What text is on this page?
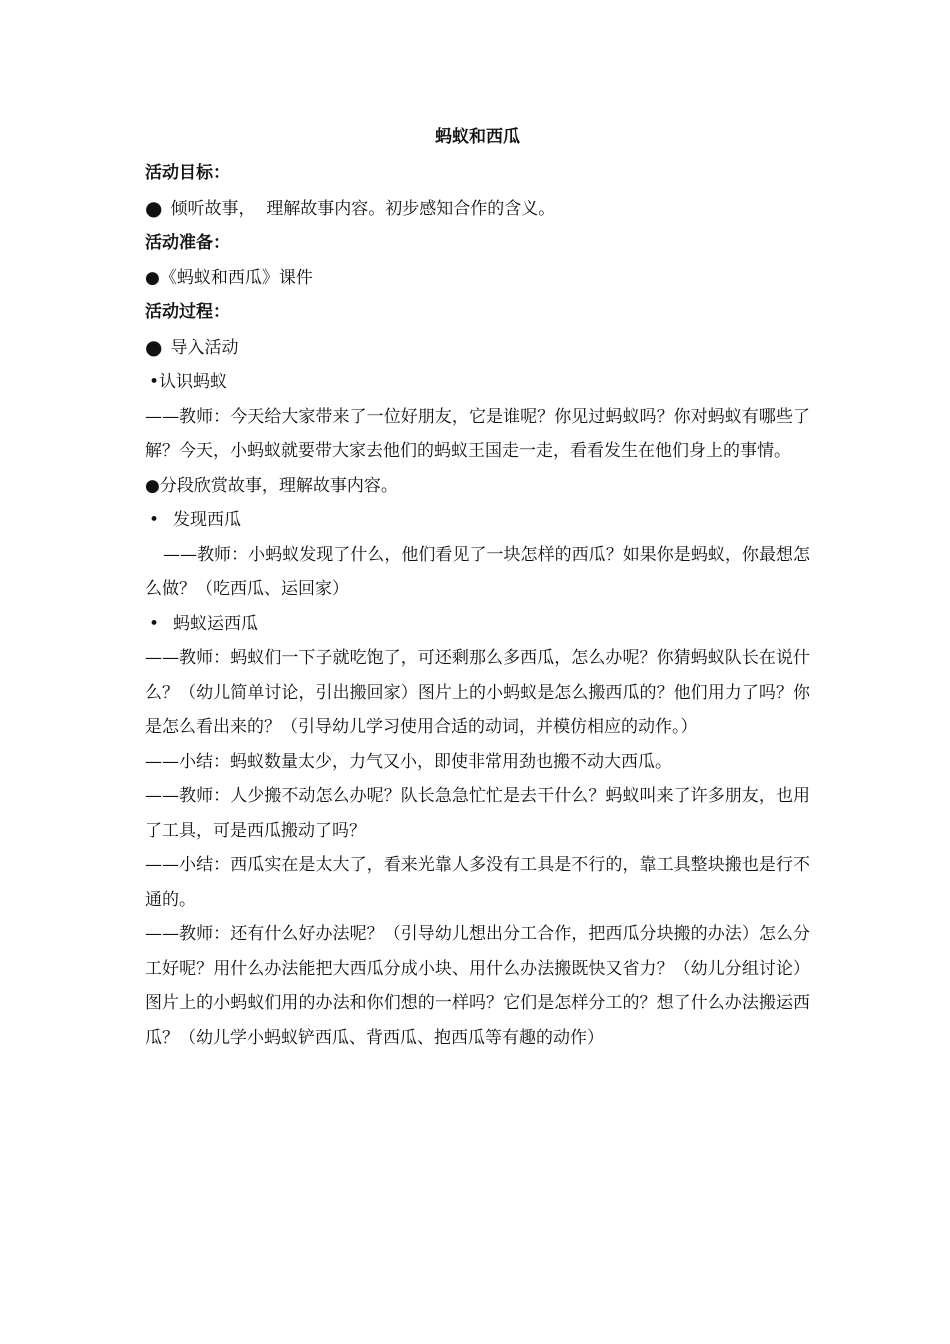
蚂蚁和西瓜

活动目标：

● 倾听故事，  理解故事内容。初步感知合作的含义。

活动准备：

●《蚂蚁和西瓜》课件

活动过程：

● 导入活动

•认识蚂蚁

——教师：今天给大家带来了一位好朋友，它是谁呢？你见过蚂蚁吗？你对蚂蚁有哪些了解？今天，小蚂蚁就要带大家去他们的蚂蚁王国走一走，看看发生在他们身上的事情。

●分段欣赏故事，理解故事内容。

• 发现西瓜

——教师：小蚂蚁发现了什么，他们看见了一块怎样的西瓜？如果你是蚂蚁，你最想怎么做？（吃西瓜、运回家）

• 蚂蚁运西瓜

——教师：蚂蚁们一下子就吃饱了，可还剩那么多西瓜，怎么办呢？你猜蚂蚁队长在说什么？（幼儿简单讨论，引出搬回家）图片上的小蚂蚁是怎么搬西瓜的？他们用力了吗？你是怎么看出来的？（引导幼儿学习使用合适的动词，并模仿相应的动作。）

——小结：蚂蚁数量太少，力气又小，即使非常用劲也搬不动大西瓜。

——教师：人少搬不动怎么办呢？队长急急忙忙是去干什么？蚂蚁叫来了许多朋友，也用了工具，可是西瓜搬动了吗？

——小结：西瓜实在是太大了，看来光靠人多没有工具是不行的，靠工具整块搬也是行不通的。

——教师：还有什么好办法呢？（引导幼儿想出分工合作，把西瓜分块搬的办法）怎么分工好呢？用什么办法能把大西瓜分成小块、用什么办法搬既快又省力？（幼儿分组讨论）图片上的小蚂蚁们用的办法和你们想的一样吗？它们是怎样分工的？想了什么办法搬运西瓜？（幼儿学小蚂蚁铲西瓜、背西瓜、抱西瓜等有趣的动作）
